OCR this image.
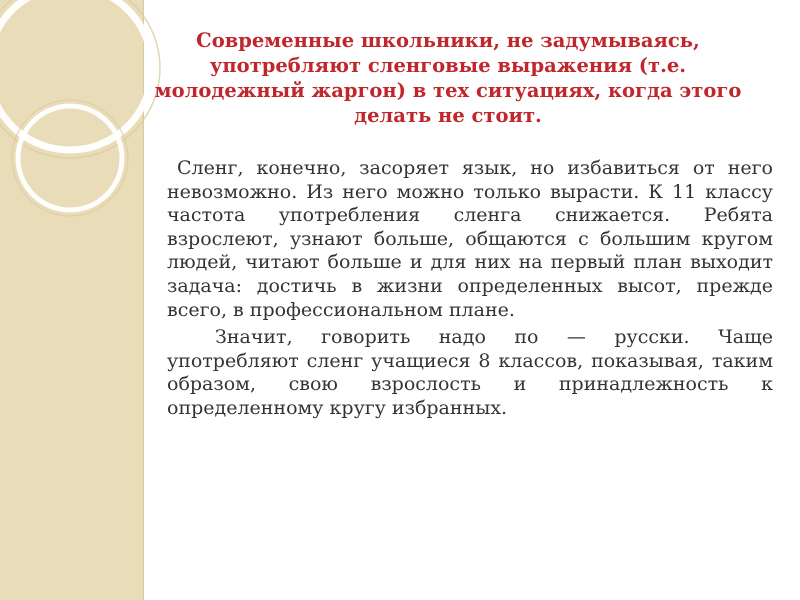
Современные школьники, не задумываясь, употребляют сленговые выражения (т.е. молодежный жаргон) в тех ситуациях, когда этого делать не стоит.

Сленг, конечно, засоряет язык, но избавиться от него невозможно. Из него можно только вырасти. К 11 классу частота употребления сленга снижается. Ребята взрослеют, узнают больше, общаются с большим кругом людей, читают больше и для них на первый план выходит задача: достичь в жизни определенных высот, прежде всего, в профессиональном плане.

Значит, говорить надо по — русски. Чаще употребляют сленг учащиеся 8 классов, показывая, таким образом, свою взрослость и принадлежность к определенному кругу избранных.
